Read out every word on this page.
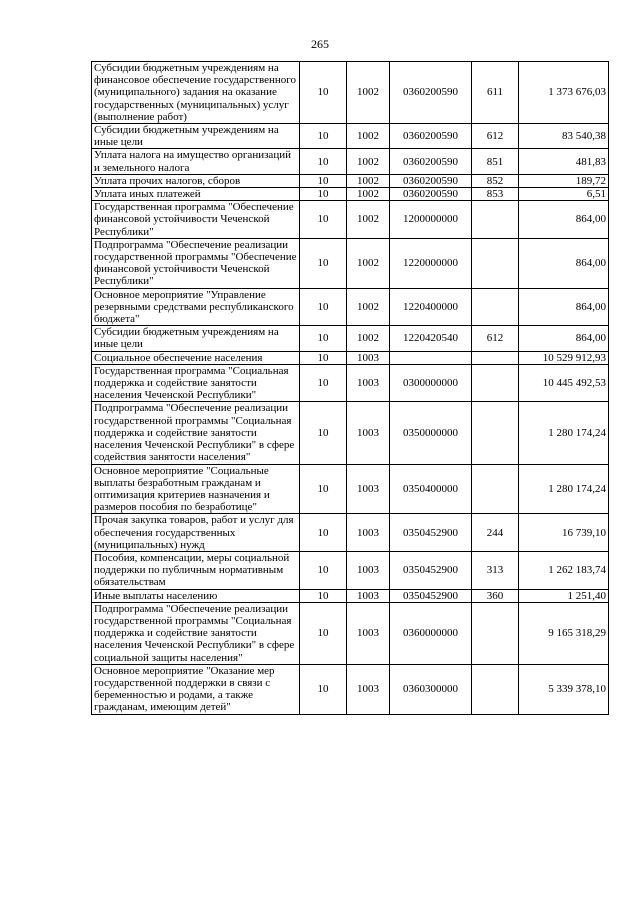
265
Субсидии бюджетным учреждениям на финансовое обеспечение государственного (муниципального) задания на оказание государственных (муниципальных) услуг (выполнение работ)	10	1002	0360200590	611	1 373 676,03
Субсидии бюджетным учреждениям на иные цели	10	1002	0360200590	612	83 540,38
Уплата налога на имущество организаций и земельного налога	10	1002	0360200590	851	481,83
Уплата прочих налогов, сборов	10	1002	0360200590	852	189,72
Уплата иных платежей	10	1002	0360200590	853	6,51
Государственная программа "Обеспечение финансовой устойчивости Чеченской Республики"	10	1002	1200000000		864,00
Подпрограмма "Обеспечение реализации государственной программы "Обеспечение финансовой устойчивости Чеченской Республики"	10	1002	1220000000		864,00
Основное мероприятие "Управление резервными средствами республиканского бюджета"	10	1002	1220400000		864,00
Субсидии бюджетным учреждениям на иные цели	10	1002	1220420540	612	864,00
Социальное обеспечение населения	10	1003			10 529 912,93
Государственная программа "Социальная поддержка и содействие занятости населения Чеченской Республики"	10	1003	0300000000		10 445 492,53
Подпрограмма "Обеспечение реализации государственной программы "Социальная поддержка и содействие занятости населения Чеченской Республики" в сфере содействия занятости населения"	10	1003	0350000000		1 280 174,24
Основное мероприятие "Социальные выплаты безработным гражданам и оптимизация критериев назначения и размеров пособия по безработице"	10	1003	0350400000		1 280 174,24
Прочая закупка товаров, работ и услуг для обеспечения государственных (муниципальных) нужд	10	1003	0350452900	244	16 739,10
Пособия, компенсации, меры социальной поддержки по публичным нормативным обязательствам	10	1003	0350452900	313	1 262 183,74
Иные выплаты населению	10	1003	0350452900	360	1 251,40
Подпрограмма "Обеспечение реализации государственной программы "Социальная поддержка и содействие занятости населения Чеченской Республики" в сфере социальной защиты населения"	10	1003	0360000000		9 165 318,29
Основное мероприятие "Оказание мер государственной поддержки в связи с беременностью и родами, а также гражданам, имеющим детей"	10	1003	0360300000		5 339 378,10
